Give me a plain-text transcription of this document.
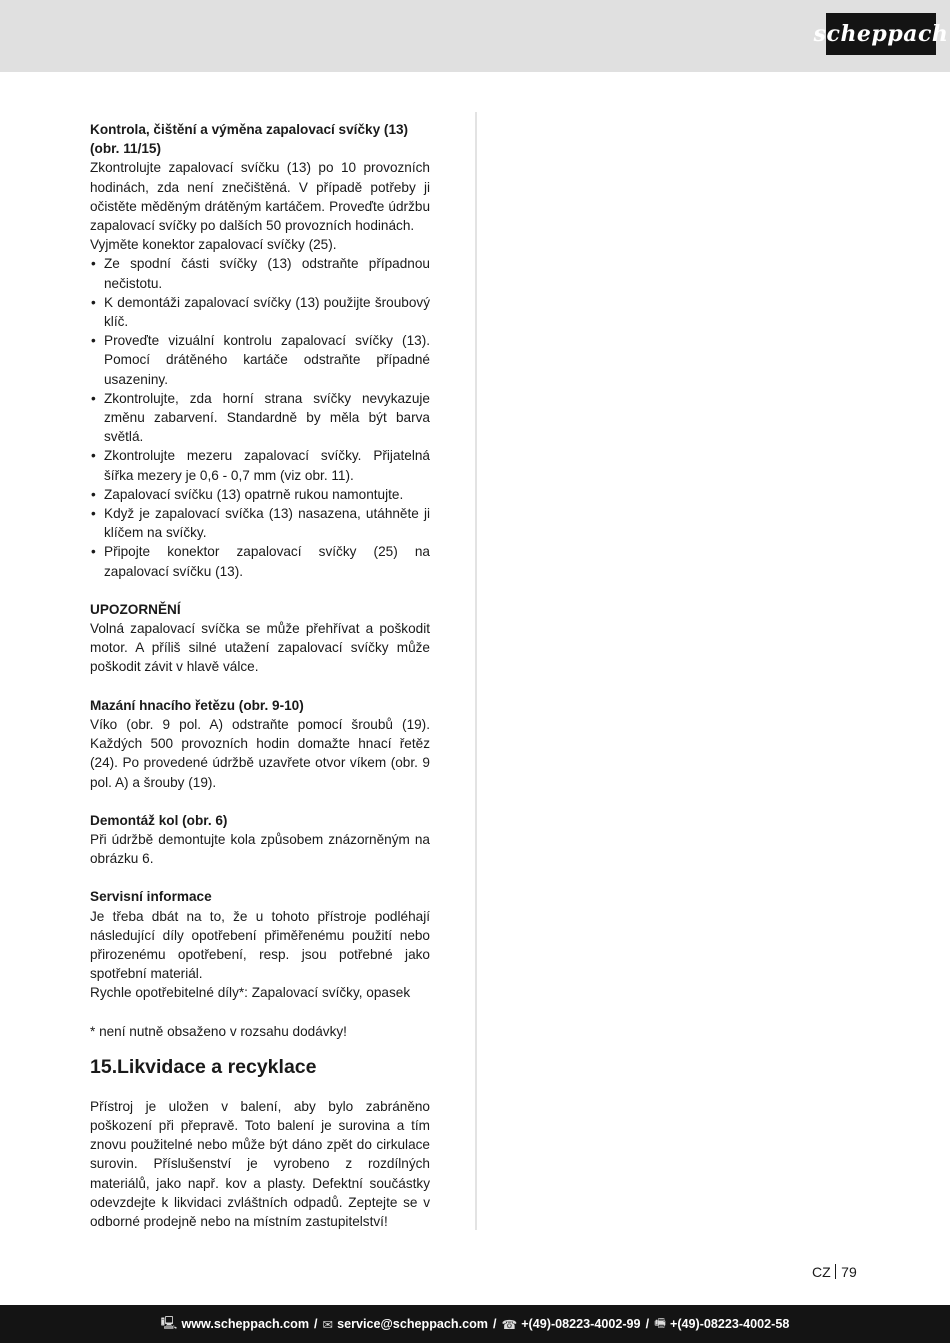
scheppach

Kontrola, čištění a výměna zapalovací svíčky (13) (obr. 11/15)

Zkontrolujte zapalovací svíčku (13) po 10 provozních hodinách, zda není znečištěná. V případě potřeby ji očistěte měděným drátěným kartáčem. Proveďte údržbu zapalovací svíčky po dalších 50 provozních hodinách.

Vyjměte konektor zapalovací svíčky (25).

• Ze spodní části svíčky (13) odstraňte případnou nečistotu.
• K demontáži zapalovací svíčky (13) použijte šroubový klíč.
• Proveďte vizuální kontrolu zapalovací svíčky (13). Pomocí drátěného kartáče odstraňte případné usazeniny.
• Zkontrolujte, zda horní strana svíčky nevykazuje změnu zabarvení. Standardně by měla být barva světlá.
• Zkontrolujte mezeru zapalovací svíčky. Přijatelná šířka mezery je 0,6 - 0,7 mm (viz obr. 11).
• Zapalovací svíčku (13) opatrně rukou namontujte.
• Když je zapalovací svíčka (13) nasazena, utáhněte ji klíčem na svíčky.
• Připojte konektor zapalovací svíčky (25) na zapalovací svíčku (13).

UPOZORNĚNÍ

Volná zapalovací svíčka se může přehřívat a poškodit motor. A příliš silné utažení zapalovací svíčky může poškodit závit v hlavě válce.

Mazání hnacího řetězu (obr. 9-10)

Víko (obr. 9 pol. A) odstraňte pomocí šroubů (19). Každých 500 provozních hodin domažte hnací řetěz (24). Po provedené údržbě uzavřete otvor víkem (obr. 9 pol. A) a šrouby (19).

Demontáž kol (obr. 6)

Při údržbě demontujte kola způsobem znázorněným na obrázku 6.

Servisní informace

Je třeba dbát na to, že u tohoto přístroje podléhají následující díly opotřebení přiměřenému použití nebo přirozenému opotřebení, resp. jsou potřebné jako spotřební materiál.

Rychle opotřebitelné díly*: Zapalovací svíčky, opasek

* není nutně obsaženo v rozsahu dodávky!

15.Likvidace a recyklace

Přístroj je uložen v balení, aby bylo zabráněno poškození při přepravě. Toto balení je surovina a tím znovu použitelné nebo může být dáno zpět do cirkulace surovin. Příslušenství je vyrobeno z rozdílných materiálů, jako např. kov a plasty. Defektní součástky odevzdejte k likvidaci zvláštních odpadů. Zeptejte se v odborné prodejně nebo na místním zastupitelství!

CZ 79
🖳 www.scheppach.com / ✉ service@scheppach.com / ☎ +(49)-08223-4002-99 / 🖷 +(49)-08223-4002-58
